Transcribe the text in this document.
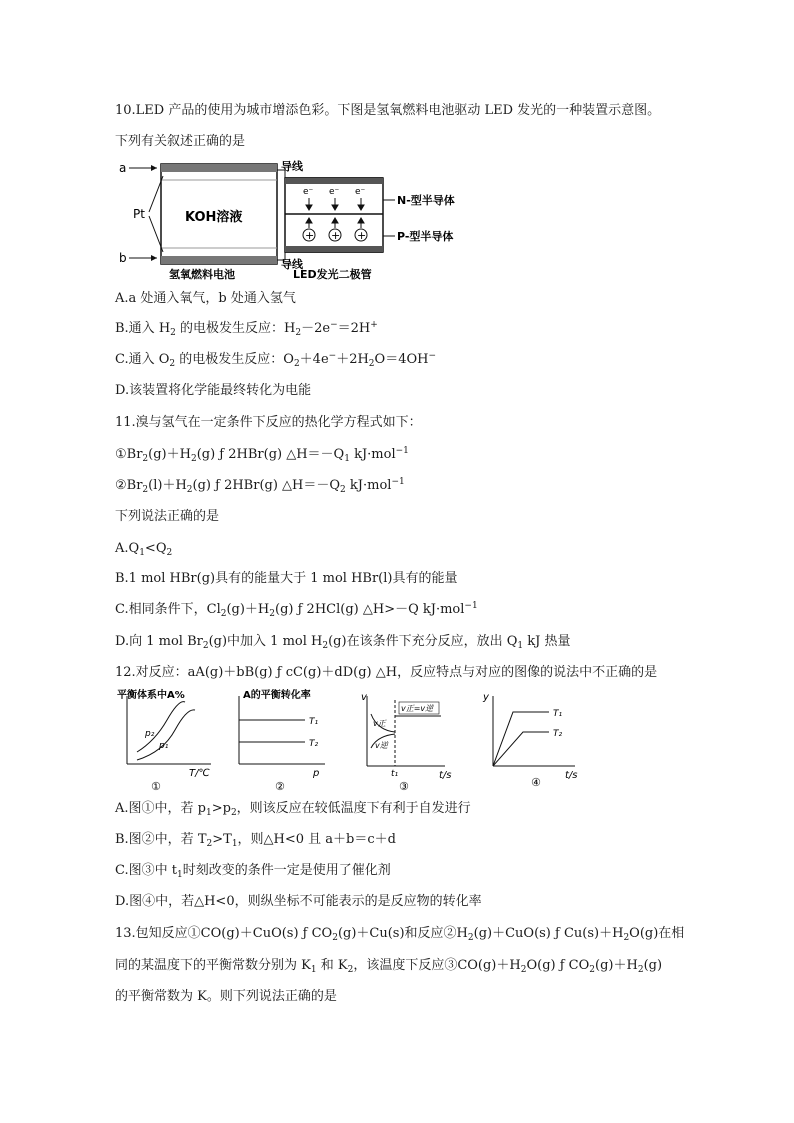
10.LED 产品的使用为城市增添色彩。下图是氢氧燃料电池驱动 LED 发光的一种装置示意图。
下列有关叙述正确的是
KOH溶液
a
b
Pt
导线
导线
e⁻ e⁻ e⁻
+ + +
N-型半导体
P-型半导体
氢氧燃料电池	LED发光二极管
A.a 处通入氧气，b 处通入氢气
B.通入 $H_2$ 的电极发生反应：$H_2-2e^-=2H^+$
C.通入 $O_2$ 的电极发生反应：$O_2+4e^-+2H_2O=4OH^-$
D.该装置将化学能最终转化为电能
11.溴与氢气在一定条件下反应的热化学方程式如下：
$①Br_2(g)+H_2(g)$ ƒ 2HBr(g) $\triangle H=-Q_1$ kJ·mol$^{-1}$
$②Br_2(l)+H_2(g)$ ƒ 2HBr(g) $\triangle H=-Q_2$ kJ·mol$^{-1}$
下列说法正确的是
$A.Q_1<Q_2$
B.1 mol HBr(g)具有的能量大于 1 mol HBr(l)具有的能量
C.相同条件下，$Cl_2(g)+H_2(g)$ ƒ 2HCl(g) △H>－Q kJ·mol$^{-1}$
D.向 1 mol $Br_2(g)$中加入 1 mol $H_2(g)$在该条件下充分反应，放出 $Q_1$ kJ 热量
12.对反应：aA(g)＋bB(g) ƒ cC(g)＋dD(g) △H，反应特点与对应的图像的说法中不正确的是
平衡体系中A%
p₂
p₁
T/℃
①
A的平衡转化率
T₁
T₂
p
②
v
v正
v逆
v正=v逆
t₁	t/s
③
y
T₁
T₂
t/s
④
A.图①中，若 $p_1>p_2$，则该反应在较低温度下有利于自发进行
B.图②中，若 $T_2>T_1$，则△H<0 且 a＋b＝c＋d
C.图③中 $t_1$时刻改变的条件一定是使用了催化剂
D.图④中，若△H<0，则纵坐标不可能表示的是反应物的转化率
13.包知反应①CO(g)＋CuO(s) ƒ $CO_2(g)+Cu(s)$和反应$②H_2(g)+CuO(s)$ ƒ $Cu(s)+H_2O(g)$在相
同的某温度下的平衡常数分别为 $K_1$ 和 $K_2$，该温度下反应$③CO(g)+H_2O(g)$ ƒ $CO_2(g)+H_2(g)$
的平衡常数为 K。则下列说法正确的是
